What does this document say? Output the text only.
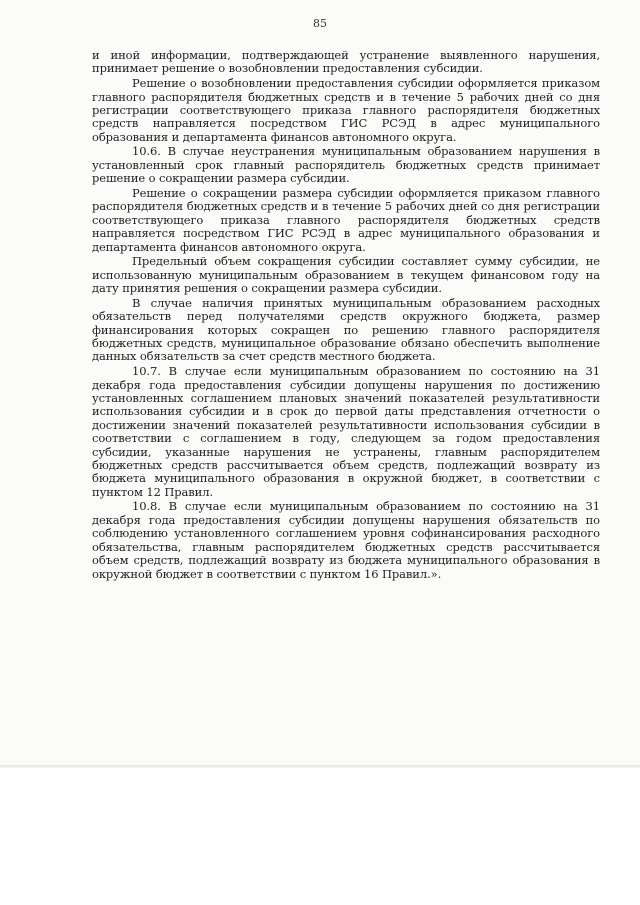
85

и иной информации, подтверждающей устранение выявленного нарушения, принимает решение о возобновлении предоставления субсидии.

Решение о возобновлении предоставления субсидии оформляется приказом главного распорядителя бюджетных средств и в течение 5 рабочих дней со дня регистрации соответствующего приказа главного распорядителя бюджетных средств направляется посредством ГИС РСЭД в адрес муниципального образования и департамента финансов автономного округа.

10.6. В случае неустранения муниципальным образованием нарушения в установленный срок главный распорядитель бюджетных средств принимает решение о сокращении размера субсидии.

Решение о сокращении размера субсидии оформляется приказом главного распорядителя бюджетных средств и в течение 5 рабочих дней со дня регистрации соответствующего приказа главного распорядителя бюджетных средств направляется посредством ГИС РСЭД в адрес муниципального образования и департамента финансов автономного округа.

Предельный объем сокращения субсидии составляет сумму субсидии, не использованную муниципальным образованием в текущем финансовом году на дату принятия решения о сокращении размера субсидии.

В случае наличия принятых муниципальным образованием расходных обязательств перед получателями средств окружного бюджета, размер финансирования которых сокращен по решению главного распорядителя бюджетных средств, муниципальное образование обязано обеспечить выполнение данных обязательств за счет средств местного бюджета.

10.7. В случае если муниципальным образованием по состоянию на 31 декабря года предоставления субсидии допущены нарушения по достижению установленных соглашением плановых значений показателей результативности использования субсидии и в срок до первой даты представления отчетности о достижении значений показателей результативности использования субсидии в соответствии с соглашением в году, следующем за годом предоставления субсидии, указанные нарушения не устранены, главным распорядителем бюджетных средств рассчитывается объем средств, подлежащий возврату из бюджета муниципального образования в окружной бюджет, в соответствии с пунктом 12 Правил.

10.8. В случае если муниципальным образованием по состоянию на 31 декабря года предоставления субсидии допущены нарушения обязательств по соблюдению установленного соглашением уровня софинансирования расходного обязательства, главным распорядителем бюджетных средств рассчитывается объем средств, подлежащий возврату из бюджета муниципального образования в окружной бюджет в соответствии с пунктом 16 Правил.».
